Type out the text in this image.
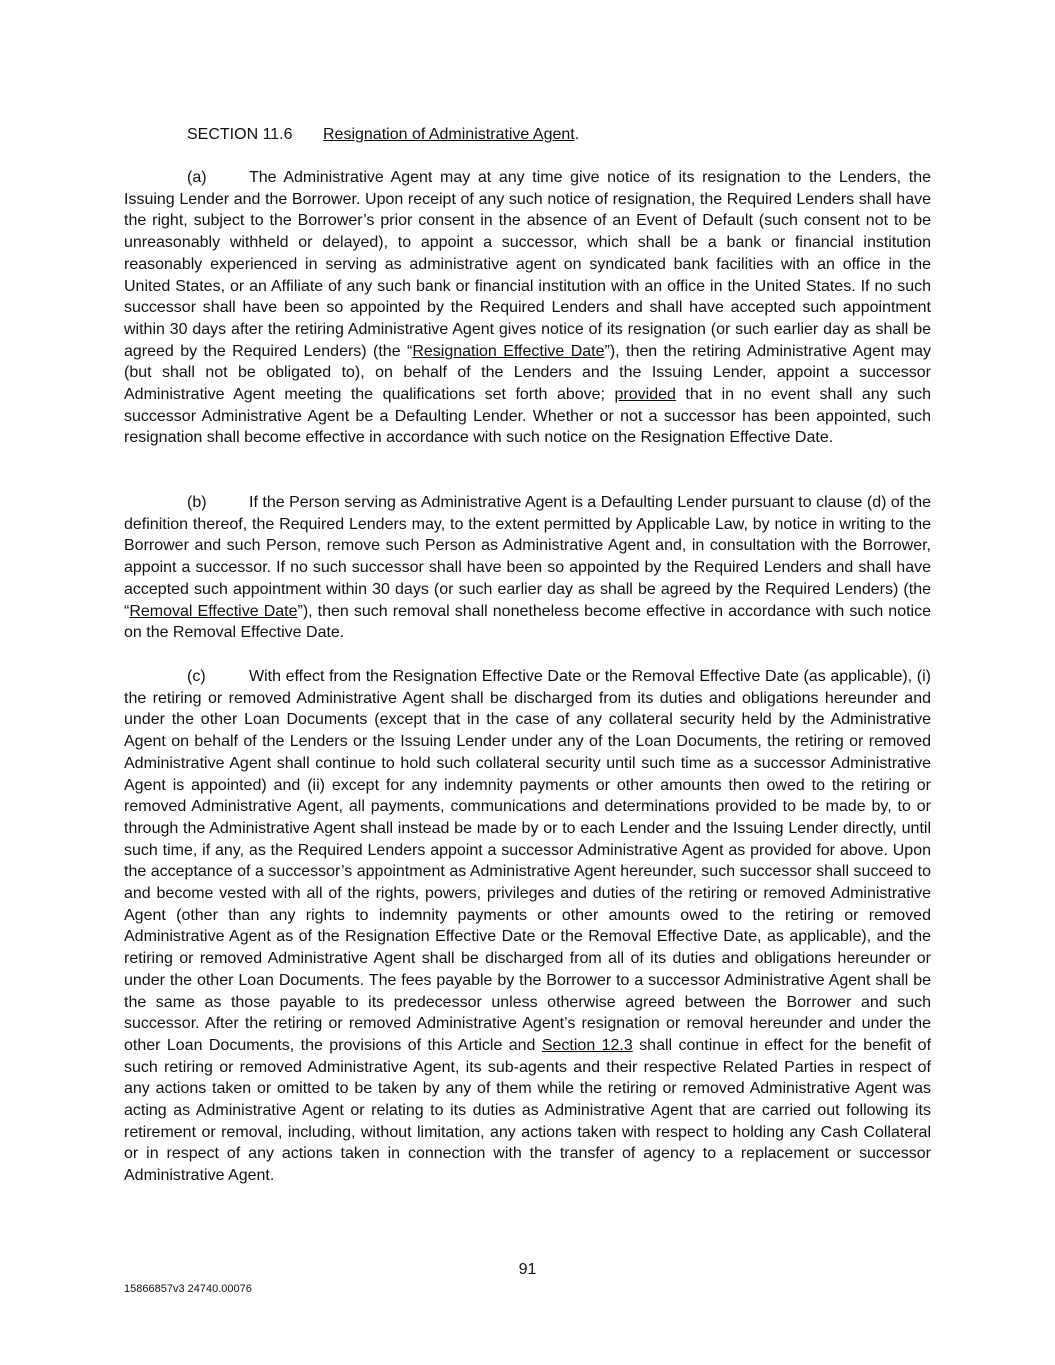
SECTION 11.6 Resignation of Administrative Agent.

(a)	The Administrative Agent may at any time give notice of its resignation to the Lenders, the Issuing Lender and the Borrower. Upon receipt of any such notice of resignation, the Required Lenders shall have the right, subject to the Borrower’s prior consent in the absence of an Event of Default (such consent not to be unreasonably withheld or delayed), to appoint a successor, which shall be a bank or financial institution reasonably experienced in serving as administrative agent on syndicated bank facilities with an office in the United States, or an Affiliate of any such bank or financial institution with an office in the United States. If no such successor shall have been so appointed by the Required Lenders and shall have accepted such appointment within 30 days after the retiring Administrative Agent gives notice of its resignation (or such earlier day as shall be agreed by the Required Lenders) (the “Resignation Effective Date”), then the retiring Administrative Agent may (but shall not be obligated to), on behalf of the Lenders and the Issuing Lender, appoint a successor Administrative Agent meeting the qualifications set forth above; provided that in no event shall any such successor Administrative Agent be a Defaulting Lender. Whether or not a successor has been appointed, such resignation shall become effective in accordance with such notice on the Resignation Effective Date.

(b)	If the Person serving as Administrative Agent is a Defaulting Lender pursuant to clause (d) of the definition thereof, the Required Lenders may, to the extent permitted by Applicable Law, by notice in writing to the Borrower and such Person, remove such Person as Administrative Agent and, in consultation with the Borrower, appoint a successor. If no such successor shall have been so appointed by the Required Lenders and shall have accepted such appointment within 30 days (or such earlier day as shall be agreed by the Required Lenders) (the “Removal Effective Date”), then such removal shall nonetheless become effective in accordance with such notice on the Removal Effective Date.

(c)	With effect from the Resignation Effective Date or the Removal Effective Date (as applicable), (i) the retiring or removed Administrative Agent shall be discharged from its duties and obligations hereunder and under the other Loan Documents (except that in the case of any collateral security held by the Administrative Agent on behalf of the Lenders or the Issuing Lender under any of the Loan Documents, the retiring or removed Administrative Agent shall continue to hold such collateral security until such time as a successor Administrative Agent is appointed) and (ii) except for any indemnity payments or other amounts then owed to the retiring or removed Administrative Agent, all payments, communications and determinations provided to be made by, to or through the Administrative Agent shall instead be made by or to each Lender and the Issuing Lender directly, until such time, if any, as the Required Lenders appoint a successor Administrative Agent as provided for above. Upon the acceptance of a successor’s appointment as Administrative Agent hereunder, such successor shall succeed to and become vested with all of the rights, powers, privileges and duties of the retiring or removed Administrative Agent (other than any rights to indemnity payments or other amounts owed to the retiring or removed Administrative Agent as of the Resignation Effective Date or the Removal Effective Date, as applicable), and the retiring or removed Administrative Agent shall be discharged from all of its duties and obligations hereunder or under the other Loan Documents. The fees payable by the Borrower to a successor Administrative Agent shall be the same as those payable to its predecessor unless otherwise agreed between the Borrower and such successor. After the retiring or removed Administrative Agent’s resignation or removal hereunder and under the other Loan Documents, the provisions of this Article and Section 12.3 shall continue in effect for the benefit of such retiring or removed Administrative Agent, its sub-agents and their respective Related Parties in respect of any actions taken or omitted to be taken by any of them while the retiring or removed Administrative Agent was acting as Administrative Agent or relating to its duties as Administrative Agent that are carried out following its retirement or removal, including, without limitation, any actions taken with respect to holding any Cash Collateral or in respect of any actions taken in connection with the transfer of agency to a replacement or successor Administrative Agent.

91
15866857v3 24740.00076
